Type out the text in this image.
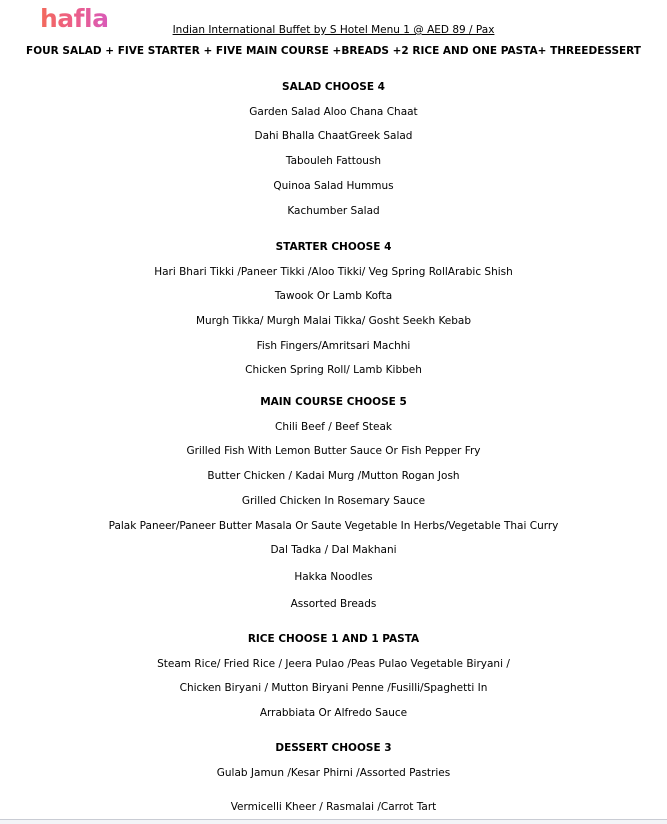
hafla	Indian International Buffet by S Hotel Menu 1 @ AED 89 / Pax
FOUR SALAD + FIVE STARTER + FIVE MAIN COURSE +BREADS +2 RICE AND ONE PASTA+ THREEDESSERT
SALAD CHOOSE 4
Garden Salad Aloo Chana Chaat
Dahi Bhalla ChaatGreek Salad
Tabouleh Fattoush
Quinoa Salad Hummus
Kachumber Salad
STARTER CHOOSE 4
Hari Bhari Tikki /Paneer Tikki /Aloo Tikki/ Veg Spring RollArabic Shish
Tawook Or Lamb Kofta
Murgh Tikka/ Murgh Malai Tikka/ Gosht Seekh Kebab
Fish Fingers/Amritsari Machhi
Chicken Spring Roll/ Lamb Kibbeh
MAIN COURSE CHOOSE 5
Chili Beef / Beef Steak
Grilled Fish With Lemon Butter Sauce Or Fish Pepper Fry
Butter Chicken / Kadai Murg /Mutton Rogan Josh
Grilled Chicken In Rosemary Sauce
Palak Paneer/Paneer Butter Masala Or Saute Vegetable In Herbs/Vegetable Thai Curry
Dal Tadka / Dal Makhani
Hakka Noodles
Assorted Breads
RICE CHOOSE 1 AND 1 PASTA
Steam Rice/ Fried Rice / Jeera Pulao /Peas Pulao Vegetable Biryani /
Chicken Biryani / Mutton Biryani Penne /Fusilli/Spaghetti In
Arrabbiata Or Alfredo Sauce
DESSERT CHOOSE 3
Gulab Jamun /Kesar Phirni /Assorted Pastries
Vermicelli Kheer / Rasmalai /Carrot Tart
